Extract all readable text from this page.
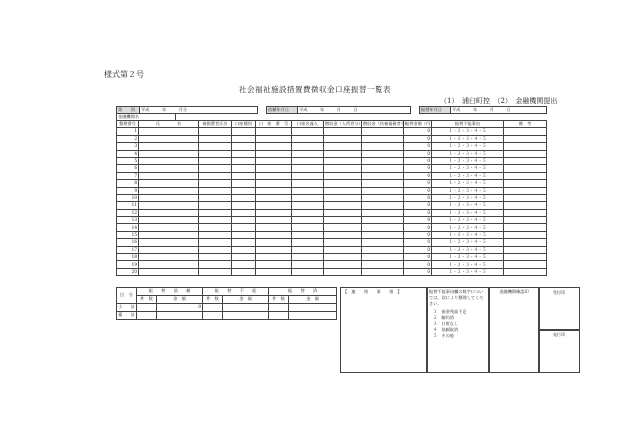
様式第２号
社会福祉施設措置費徴収金口座振替一覧表
（1）　浦臼町控　（2）　金融機関提出
第　　別	平成　　　年　　　月分		依頼年月日	平成　　　年　　　月　　　日		振替年月日	平成　　　年　　　月　　　日
金融機関名
整理番号	氏　　　　名	被措置者氏名	口座種別	口　座　番　号	口座名義人	徴収金（入所者分）	徴収金（扶養義務者分）	振替金額（円）	振替不能事由	備　考
1								0	１・２・３・４・５	
2								0	１・２・３・４・５	
3								0	１・２・３・４・５	
4								0	１・２・３・４・５	
5								0	１・２・３・４・５	
6								0	１・２・３・４・５	
7								0	１・２・３・４・５	
8								0	１・２・３・４・５	
9								0	１・２・３・４・５	
10								0	１・２・３・４・５	
11								0	１・２・３・４・５	
12								0	１・２・３・４・５	
13								0	１・２・３・４・５	
14								0	１・２・３・４・５	
15								0	１・２・３・４・５	
16								0	１・２・３・４・５	
17								0	１・２・３・４・５	
18								0	１・２・３・４・５	
19								0	１・２・３・４・５	
20								0	１・２・３・４・５	
区　分	振　　替　　依　　頼		振　　替　　不　　能		振　　替　　済	
	件　数	金　額	件　数	金　額	件　数	金　額
小　　計		0				
累　　計						
【　連　　絡　　事　　項　】	振替不能事由欄の数字については、次により整理してください。
１　預金残高不足
２　解約済
３　口座なし
４　依頼取消
５　その他
金融機関確認印	受付印
発行印
